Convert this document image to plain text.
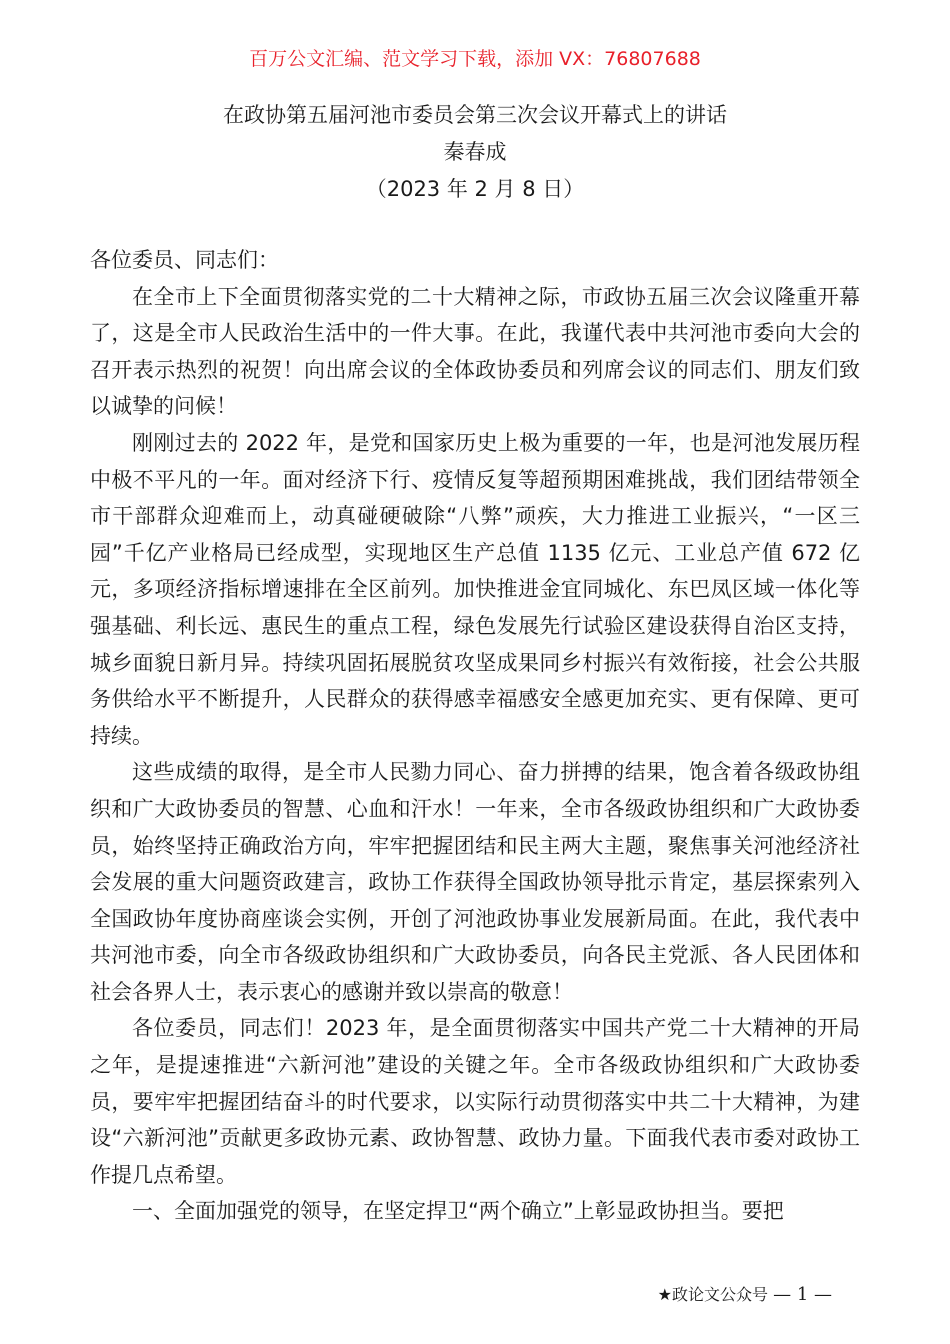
百万公文汇编、范文学习下载，添加 VX：76807688
在政协第五届河池市委员会第三次会议开幕式上的讲话
秦春成
（2023 年 2 月 8 日）

各位委员、同志们：

在全市上下全面贯彻落实党的二十大精神之际，市政协五届三次会议隆重开幕了，这是全市人民政治生活中的一件大事。在此，我谨代表中共河池市委向大会的召开表示热烈的祝贺！向出席会议的全体政协委员和列席会议的同志们、朋友们致以诚挚的问候！

刚刚过去的 2022 年，是党和国家历史上极为重要的一年，也是河池发展历程中极不平凡的一年。面对经济下行、疫情反复等超预期困难挑战，我们团结带领全市干部群众迎难而上，动真碰硬破除“八弊”顽疾，大力推进工业振兴，“一区三园”千亿产业格局已经成型，实现地区生产总值 1135 亿元、工业总产值 672 亿元，多项经济指标增速排在全区前列。加快推进金宜同城化、东巴凤区域一体化等强基础、利长远、惠民生的重点工程，绿色发展先行试验区建设获得自治区支持，城乡面貌日新月异。持续巩固拓展脱贫攻坚成果同乡村振兴有效衔接，社会公共服务供给水平不断提升，人民群众的获得感幸福感安全感更加充实、更有保障、更可持续。

这些成绩的取得，是全市人民勠力同心、奋力拼搏的结果，饱含着各级政协组织和广大政协委员的智慧、心血和汗水！一年来，全市各级政协组织和广大政协委员，始终坚持正确政治方向，牢牢把握团结和民主两大主题，聚焦事关河池经济社会发展的重大问题资政建言，政协工作获得全国政协领导批示肯定，基层探索列入全国政协年度协商座谈会实例，开创了河池政协事业发展新局面。在此，我代表中共河池市委，向全市各级政协组织和广大政协委员，向各民主党派、各人民团体和社会各界人士，表示衷心的感谢并致以崇高的敬意！

各位委员，同志们！2023 年，是全面贯彻落实中国共产党二十大精神的开局之年，是提速推进“六新河池”建设的关键之年。全市各级政协组织和广大政协委员，要牢牢把握团结奋斗的时代要求，以实际行动贯彻落实中共二十大精神，为建设“六新河池”贡献更多政协元素、政协智慧、政协力量。下面我代表市委对政协工作提几点希望。

一、全面加强党的领导，在坚定捍卫“两个确立”上彰显政协担当。要把

★政论文公众号 — 1 —
